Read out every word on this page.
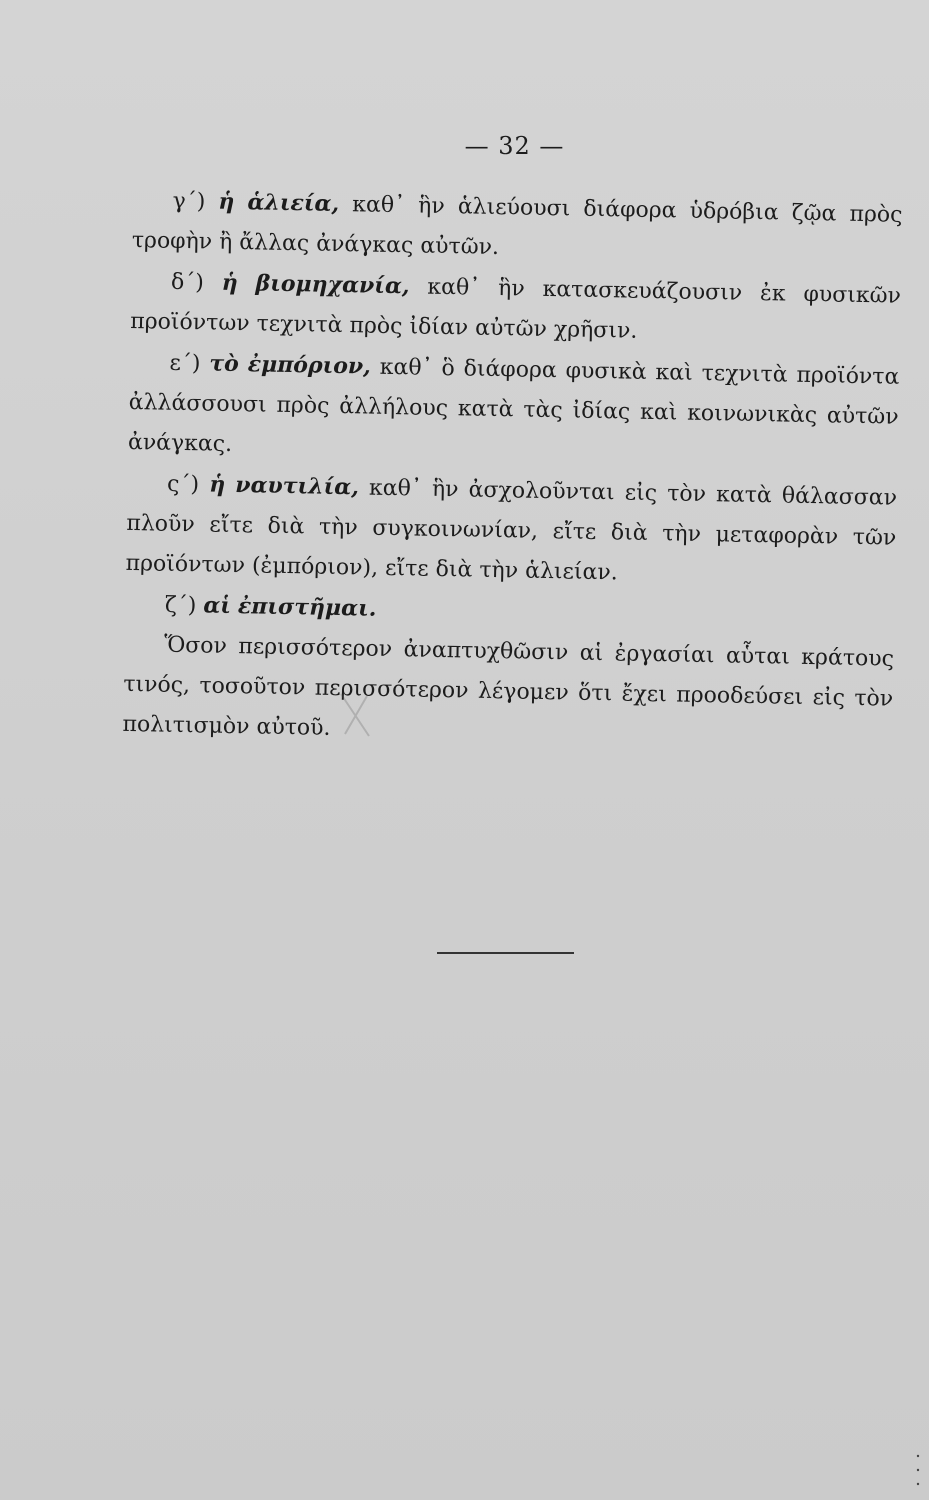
— 32 —

γ΄) ἡ ἁλιεία, καθ᾽ ἣν ἁλιεύουσι διάφορα ὑδρόβια ζῷα πρὸς τροφὴν ἢ ἄλλας ἀνάγκας αὐτῶν.

δ΄) ἡ βιομηχανία, καθ᾽ ἣν κατασκευάζουσιν ἐκ φυσικῶν προϊόντων τεχνιτὰ πρὸς ἰδίαν αὐτῶν χρῆσιν.

ε΄) τὸ ἐμπόριον, καθ᾽ ὃ διάφορα φυσικὰ καὶ τεχνιτὰ προϊόντα ἀλλάσσουσι πρὸς ἀλλήλους κατὰ τὰς ἰδίας καὶ κοινωνικὰς αὐτῶν ἀνάγκας.

ς΄) ἡ ναυτιλία, καθ᾽ ἣν ἀσχολοῦνται εἰς τὸν κατὰ θάλασσαν πλοῦν εἴτε διὰ τὴν συγκοινωνίαν, εἴτε διὰ τὴν μεταφορὰν τῶν προϊόντων (ἐμπόριον), εἴτε διὰ τὴν ἁλιείαν.

ζ΄) αἱ ἐπιστῆμαι.

Ὅσον περισσότερον ἀναπτυχθῶσιν αἱ ἐργασίαι αὗται κράτους τινός, τοσοῦτον περισσότερον λέγομεν ὅτι ἔχει προοδεύσει εἰς τὸν πολιτισμὸν αὐτοῦ.
